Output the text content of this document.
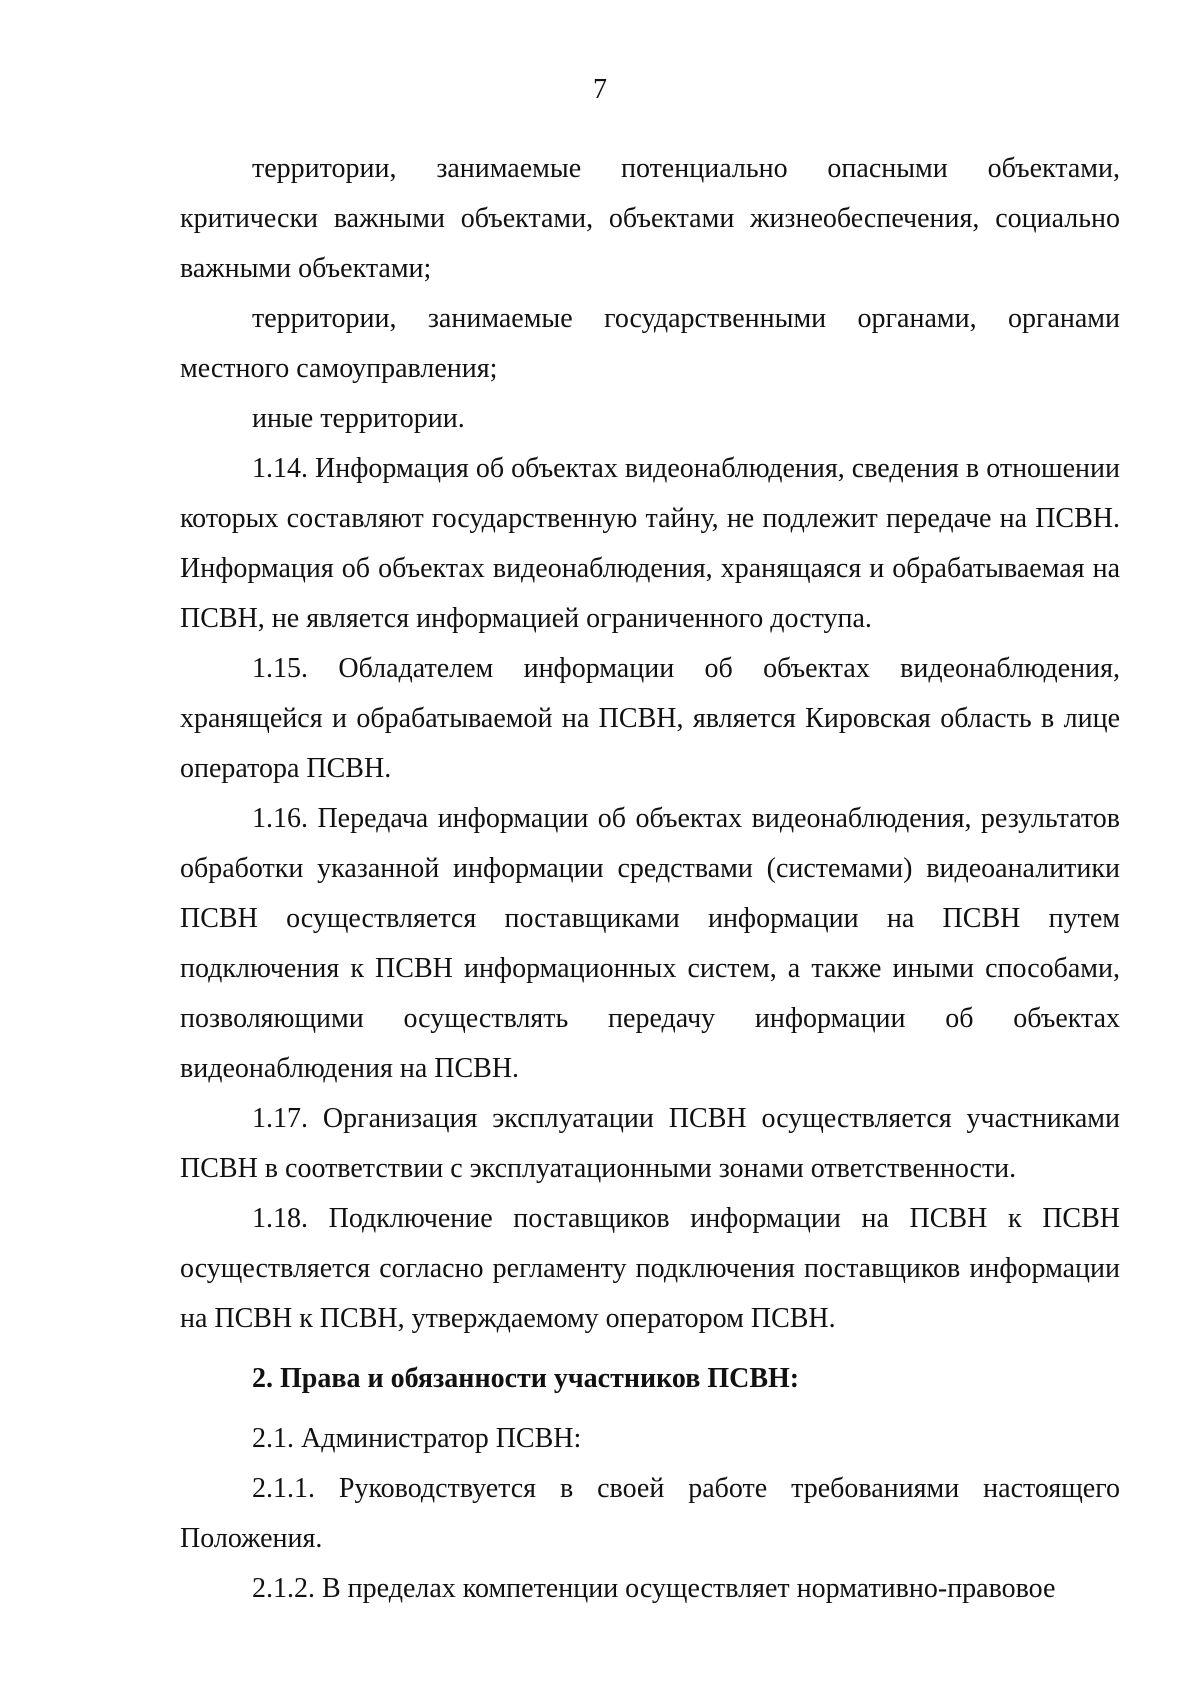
7

территории, занимаемые потенциально опасными объектами, критически важными объектами, объектами жизнеобеспечения, социально важными объектами;

территории, занимаемые государственными органами, органами местного самоуправления;

иные территории.

1.14. Информация об объектах видеонаблюдения, сведения в отношении которых составляют государственную тайну, не подлежит передаче на ПСВН. Информация об объектах видеонаблюдения, хранящаяся и обрабатываемая на ПСВН, не является информацией ограниченного доступа.

1.15. Обладателем информации об объектах видеонаблюдения, хранящейся и обрабатываемой на ПСВН, является Кировская область в лице оператора ПСВН.

1.16. Передача информации об объектах видеонаблюдения, результатов обработки указанной информации средствами (системами) видеоаналитики ПСВН осуществляется поставщиками информации на ПСВН путем подключения к ПСВН информационных систем, а также иными способами, позволяющими осуществлять передачу информации об объектах видеонаблюдения на ПСВН.

1.17. Организация эксплуатации ПСВН осуществляется участниками ПСВН в соответствии с эксплуатационными зонами ответственности.

1.18. Подключение поставщиков информации на ПСВН к ПСВН осуществляется согласно регламенту подключения поставщиков информации на ПСВН к ПСВН, утверждаемому оператором ПСВН.

2. Права и обязанности участников ПСВН:

2.1. Администратор ПСВН:

2.1.1. Руководствуется в своей работе требованиями настоящего Положения.

2.1.2. В пределах компетенции осуществляет нормативно-правовое
